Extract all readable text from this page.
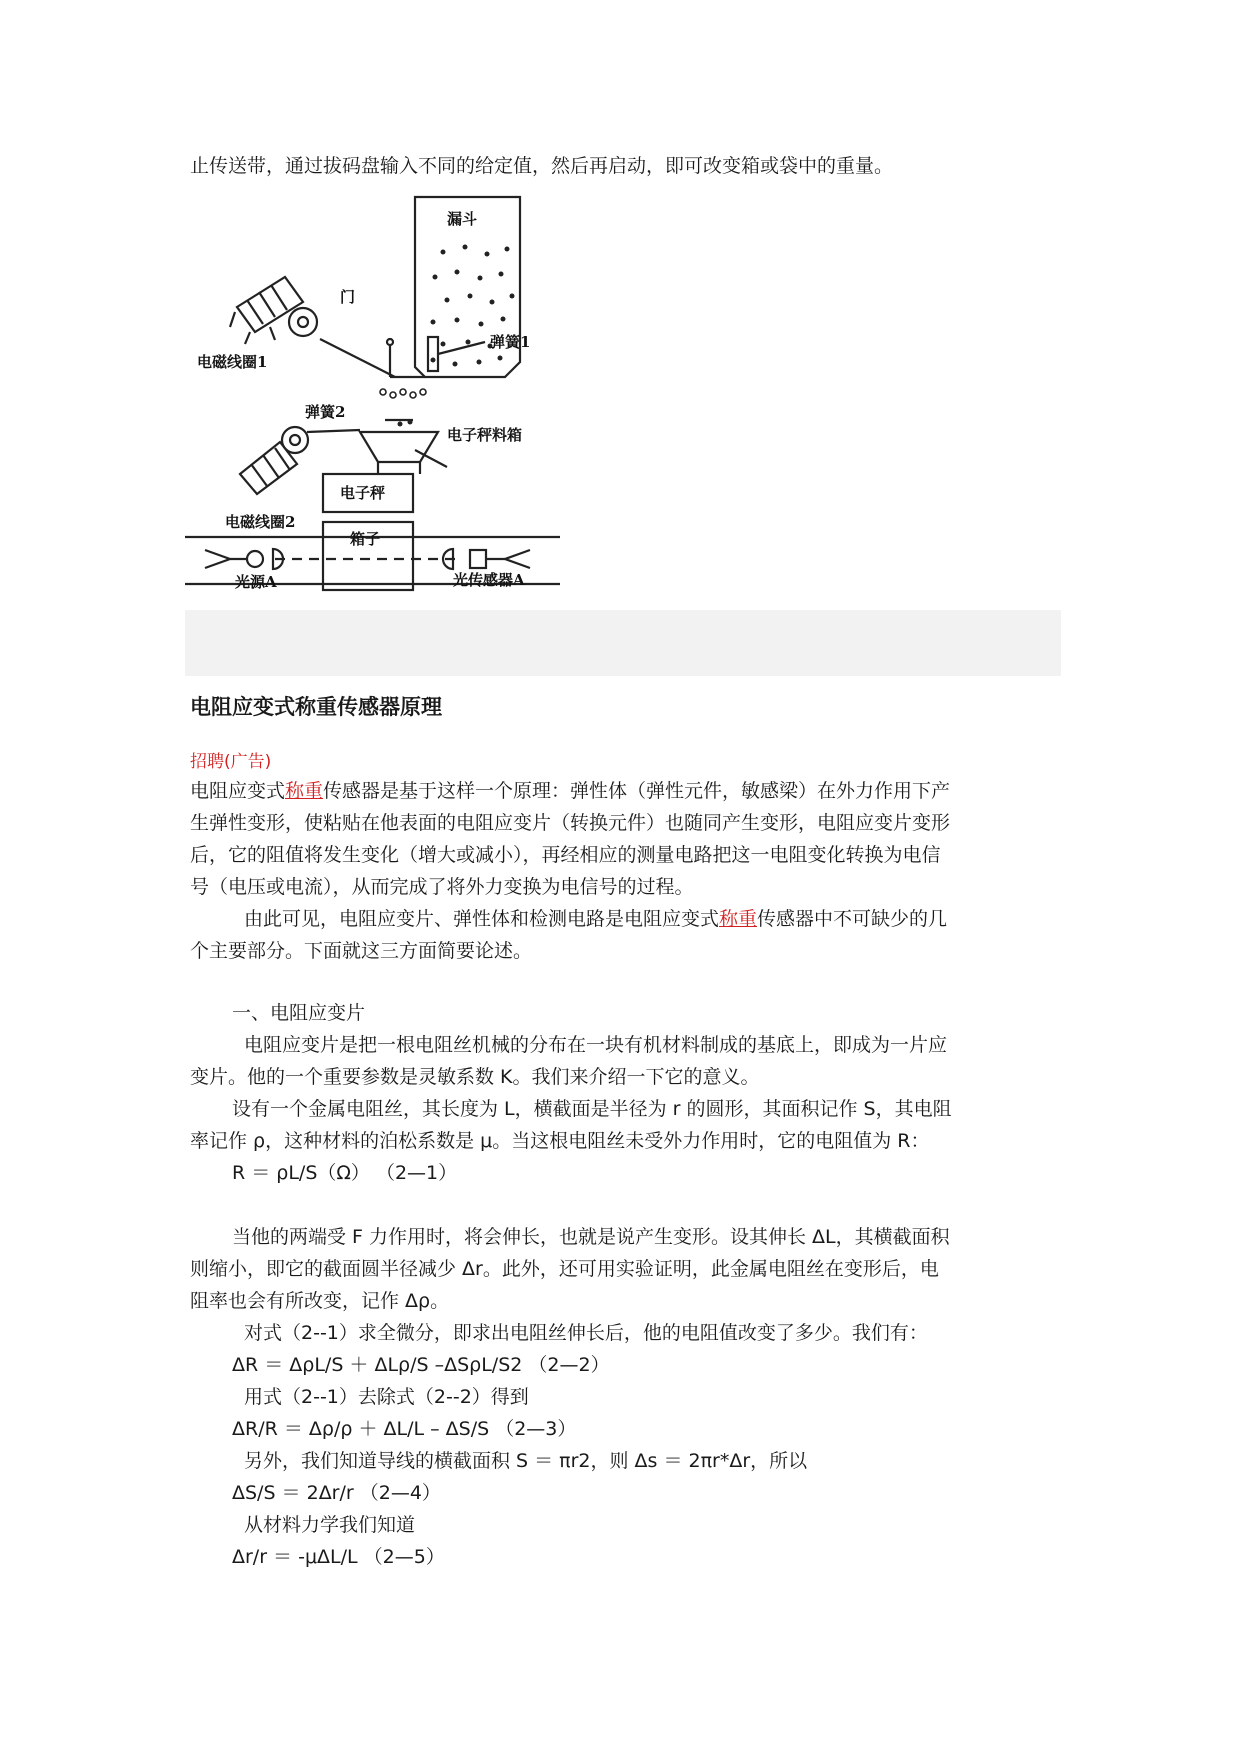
止传送带，通过拔码盘输入不同的给定值，然后再启动，即可改变箱或袋中的重量。
漏斗
门
弹簧1
电磁线圈1
弹簧2
电子秤料箱
电子秤
电磁线圈2
箱子
光源A	光传感器A
电阻应变式称重传感器原理
招聘(广告)
电阻应变式称重传感器是基于这样一个原理：弹性体（弹性元件，敏感梁）在外力作用下产
生弹性变形，使粘贴在他表面的电阻应变片（转换元件）也随同产生变形，电阻应变片变形
后，它的阻值将发生变化（增大或减小），再经相应的测量电路把这一电阻变化转换为电信
号（电压或电流），从而完成了将外力变换为电信号的过程。
由此可见，电阻应变片、弹性体和检测电路是电阻应变式称重传感器中不可缺少的几
个主要部分。下面就这三方面简要论述。
一、电阻应变片
电阻应变片是把一根电阻丝机械的分布在一块有机材料制成的基底上，即成为一片应
变片。他的一个重要参数是灵敏系数 K。我们来介绍一下它的意义。
设有一个金属电阻丝，其长度为 L，横截面是半径为 r 的圆形，其面积记作 S，其电阻
率记作 ρ，这种材料的泊松系数是 μ。当这根电阻丝未受外力作用时，它的电阻值为 R：
R ＝ ρL/S（Ω） （2—1）
当他的两端受 F 力作用时，将会伸长，也就是说产生变形。设其伸长 ΔL，其横截面积
则缩小，即它的截面圆半径减少 Δr。此外，还可用实验证明，此金属电阻丝在变形后，电
阻率也会有所改变，记作 Δρ。
对式（2--1）求全微分，即求出电阻丝伸长后，他的电阻值改变了多少。我们有：
ΔR ＝ ΔρL/S ＋ ΔLρ/S –ΔSρL/S2 （2—2）
用式（2--1）去除式（2--2）得到
ΔR/R ＝ Δρ/ρ ＋ ΔL/L – ΔS/S （2—3）
另外，我们知道导线的横截面积 S ＝ πr2，则 Δs ＝ 2πr*Δr，所以
ΔS/S ＝ 2Δr/r （2—4）
从材料力学我们知道
Δr/r ＝ -μΔL/L （2—5）
